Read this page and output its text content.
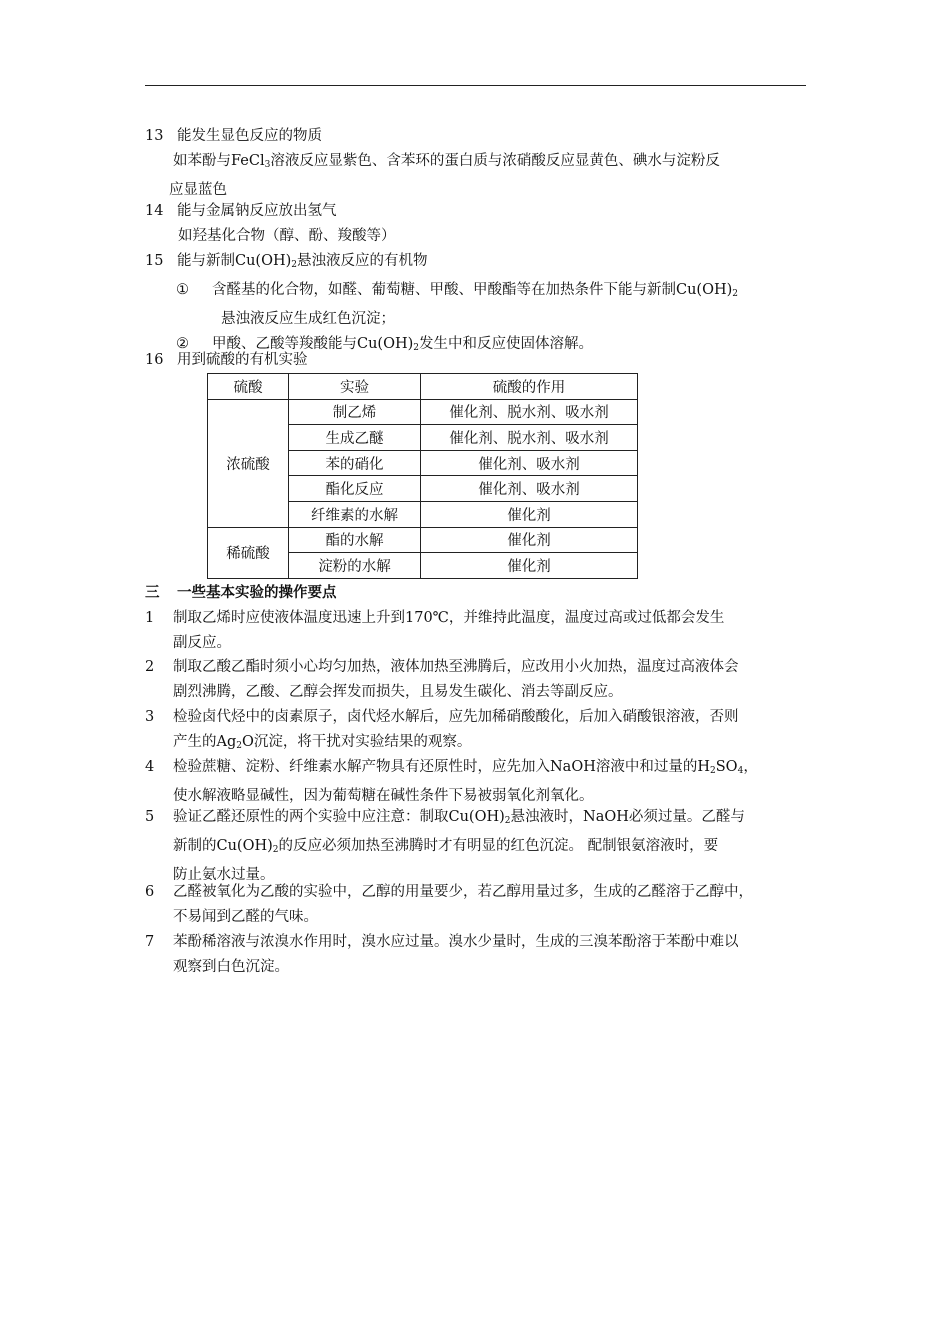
13 能发生显色反应的物质
如苯酚与FeCl$_3$溶液反应显紫色、含苯环的蛋白质与浓硝酸反应显黄色、碘水与淀粉反
应显蓝色
14 能与金属钠反应放出氢气
如羟基化合物（醇、酚、羧酸等）
15 能与新制$Cu(OH)_2$悬浊液反应的有机物
① 含醛基的化合物，如醛、葡萄糖、甲酸、甲酸酯等在加热条件下能与新制$Cu(OH)_2$
悬浊液反应生成红色沉淀；
② 甲酸、乙酸等羧酸能与$Cu(OH)_2$发生中和反应使固体溶解。
16 用到硫酸的有机实验
硫酸	实验	硫酸的作用
浓硫酸	制乙烯	催化剂、脱水剂、吸水剂
	生成乙醚	催化剂、脱水剂、吸水剂
	苯的硝化	催化剂、吸水剂
	酯化反应	催化剂、吸水剂
	纤维素的水解	催化剂
稀硫酸	酯的水解	催化剂
	淀粉的水解	催化剂
三 一些基本实验的操作要点
1 制取乙烯时应使液体温度迅速上升到170℃，并维持此温度，温度过高或过低都会发生
副反应。
2 制取乙酸乙酯时须小心均匀加热，液体加热至沸腾后，应改用小火加热，温度过高液体会
剧烈沸腾，乙酸、乙醇会挥发而损失，且易发生碳化、消去等副反应。
3 检验卤代烃中的卤素原子，卤代烃水解后，应先加稀硝酸酸化，后加入硝酸银溶液，否则
产生的$Ag_2O$沉淀，将干扰对实验结果的观察。
4 检验蔗糖、淀粉、纤维素水解产物具有还原性时，应先加入NaOH溶液中和过量的$H_2SO_4$，
使水解液略显碱性，因为葡萄糖在碱性条件下易被弱氧化剂氧化。
5 验证乙醛还原性的两个实验中应注意：制取$Cu(OH)_2$悬浊液时，NaOH必须过量。乙醛与
新制的$Cu(OH)_2$的反应必须加热至沸腾时才有明显的红色沉淀。 配制银氨溶液时，要
防止氨水过量。
6 乙醛被氧化为乙酸的实验中，乙醇的用量要少，若乙醇用量过多，生成的乙醛溶于乙醇中，
不易闻到乙醛的气味。
7 苯酚稀溶液与浓溴水作用时，溴水应过量。溴水少量时，生成的三溴苯酚溶于苯酚中难以
观察到白色沉淀。
